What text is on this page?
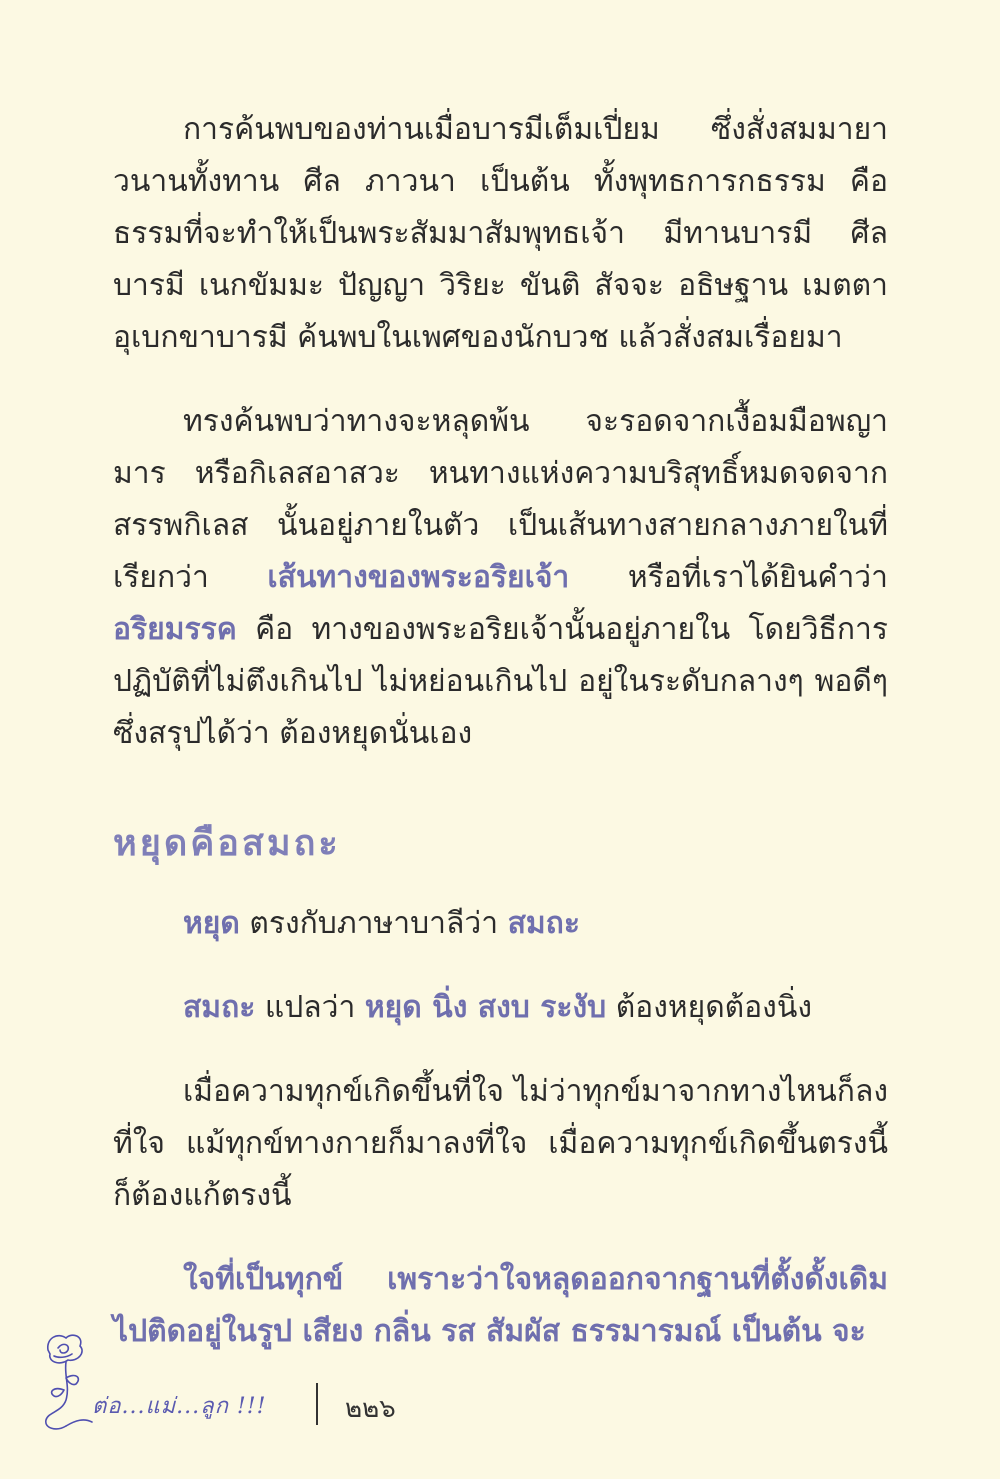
การค้นพบของท่านเมื่อบารมีเต็มเปี่ยม ซึ่งสั่งสมมายาวนานทั้งทาน ศีล ภาวนา เป็นต้น ทั้งพุทธการกธรรม คือ ธรรมที่จะทำให้เป็นพระสัมมาสัมพุทธเจ้า มีทานบารมี ศีลบารมี เนกขัมมะ ปัญญา วิริยะ ขันติ สัจจะ อธิษฐาน เมตตา อุเบกขาบารมี ค้นพบในเพศของนักบวช แล้วสั่งสมเรื่อยมา

ทรงค้นพบว่าทางจะหลุดพ้น จะรอดจากเงื้อมมือพญามาร หรือกิเลสอาสวะ หนทางแห่งความบริสุทธิ์หมดจดจากสรรพกิเลส นั้นอยู่ภายในตัว เป็นเส้นทางสายกลางภายในที่เรียกว่า เส้นทางของพระอริยเจ้า หรือที่เราได้ยินคำว่า อริยมรรค คือ ทางของพระอริยเจ้านั้นอยู่ภายใน โดยวิธีการปฏิบัติที่ไม่ตึงเกินไป ไม่หย่อนเกินไป อยู่ในระดับกลางๆ พอดีๆ ซึ่งสรุปได้ว่า ต้องหยุดนั่นเอง

หยุดคือสมถะ

หยุด ตรงกับภาษาบาลีว่า สมถะ

สมถะ แปลว่า หยุด นิ่ง สงบ ระงับ ต้องหยุดต้องนิ่ง

เมื่อความทุกข์เกิดขึ้นที่ใจ ไม่ว่าทุกข์มาจากทางไหนก็ลงที่ใจ แม้ทุกข์ทางกายก็มาลงที่ใจ เมื่อความทุกข์เกิดขึ้นตรงนี้ ก็ต้องแก้ตรงนี้

ใจที่เป็นทุกข์ เพราะว่าใจหลุดออกจากฐานที่ตั้งดั้งเดิม ไปติดอยู่ในรูป เสียง กลิ่น รส สัมผัส ธรรมารมณ์ เป็นต้น จะ

ต่อ...แม่...ลูก !!!	๒๒๖
